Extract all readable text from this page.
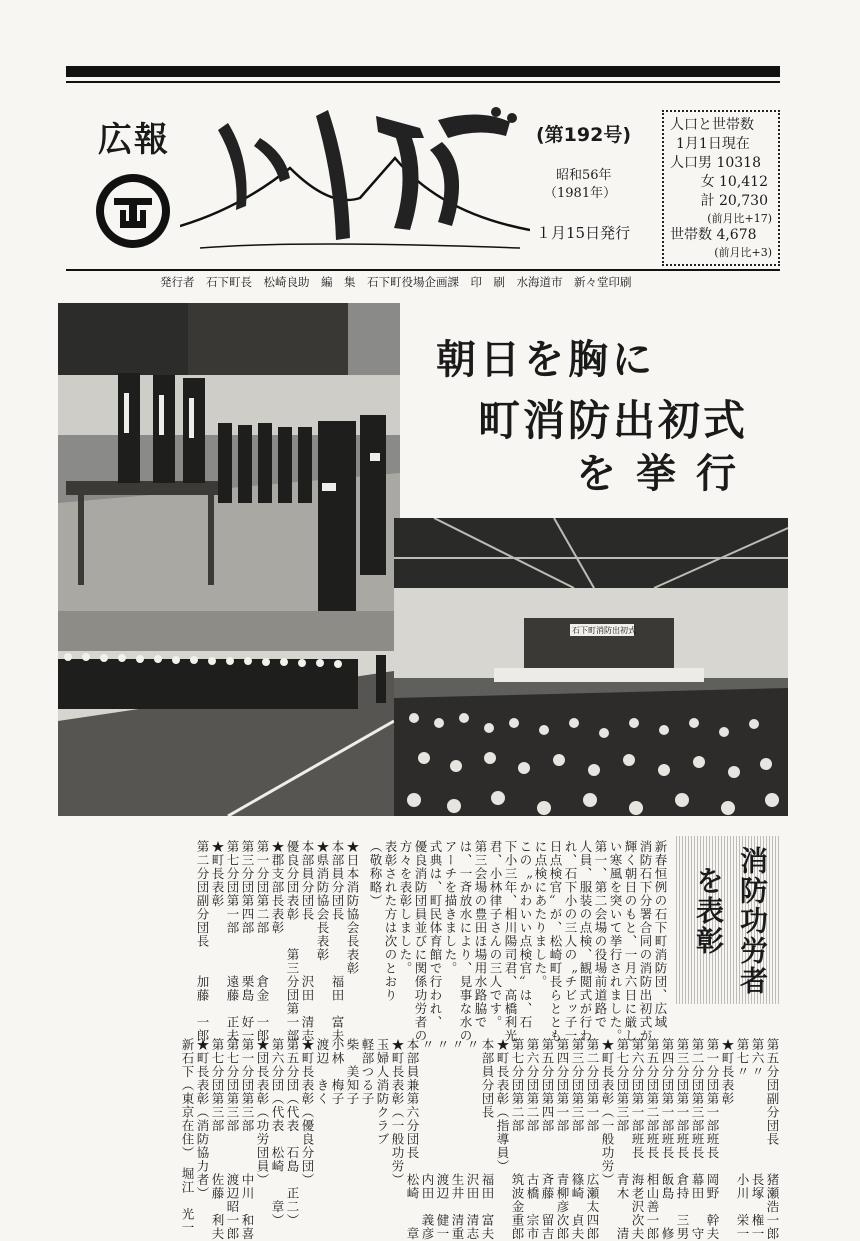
広報	(第192号)
昭和56年
（1981年）
１月15日発行
人口と世帯数
1月1日現在
人口男 10318
女 10,412
計 20,730
(前月比+17)
世帯数 4,678
(前月比+3)
発行者　石下町長　松崎良助　編　集　石下町役場企画課　印　刷　水海道市　新々堂印刷
朝日を胸に
町消防出初式
を挙行
石下町消防出初式
消防功労者
を表彰
新春恒例の石下町消防団、広域
消防石下分署合同の消防出初式が
輝く朝日のもと、一月六日に厳し
い寒風を突いて挙行されました。
第一、第二会場の役場前道路で
人員、服装の点検、観閲式が行わ
れ、石下小の三人の〝チビッ子一
日点検官〟が、松崎町長らととも
に点検にあたりました。
この〝かわいい点検官〟は、石
下小三年、相川陽司君、高橋利光
君、小林律子さんの三人です。
第三会場の豊田ほ場用水路脇で
は、一斉放水により、見事な水の
アーチを描きました。
式典は、町民体育館で行われ、
優良消防団員並びに関係功労者の
方々を表彰しました。
表彰された方は次のとおり
（敬称略）
★日本消防協会長表彰
本部員分団長　　　　福田　富夫
★県消防協会長表彰
本部員分団長　　　　沢田　清志
優良分団表彰　　第三分団第一部
★郡支部長表彰
第一分団第二部　　　倉金　一郎
第三分団第四部　　　栗島　好一
第七分団第一部　　　遠藤　正夫
★町長表彰
第二分団副分団長　　加藤　一郎
第五分団副分団長　　猪瀬浩一郎
第六〃　　　　　　　長塚　権一
第七〃　　　　　　　小川　栄一
★町長表彰
第一分団第一部班長　岡野　幹夫
第二分団第三部班長　幕田　　守
第三分団第一部班長　倉持　三男
第四分団第一部班長　飯島　　修
第五分団第二部班長　相山善一郎
第六分団第一部班長　海老沢次夫
第七分団第三部　　　青木　　清
★町長表彰（一般功労）
第二分団第一部　　　広瀬太四郎
第三分団第三部　　　篠崎　貞夫
第四分団第一部　　　青柳彦次郎
第五分団第四部　　　斉藤　留吉
第六分団第二部　　　古橋　宗市
第七分団第二部　　　筑波金重郎
★町長表彰（指導員）
本部員分団長　　　　福田　富夫
〃　　　　　　　　　沢田　清志
〃　　　　　　　　　生井　清重
〃　　　　　　　　　渡辺　健一
〃　　　　　　　　　内田　義彦
本部員兼第六分団長　松崎　　章
★町長表彰（一般功労）
玉婦人消防クラブ
軽部つる子
柴　美知子
小林　梅子
渡辺　きく
★町長表彰（優良分団）
第五分団（代表　石島　正二）
第六分団（代表　松崎　　章）
★団長表彰（功労団員）
第一分団第三部　　　中川　和喜
第七分団第三部　　　渡辺昭一郎
第七分団第三部　　　佐藤　利夫
★町長表彰（消防協力者）
新石下（東京在住）　堀江　光一
